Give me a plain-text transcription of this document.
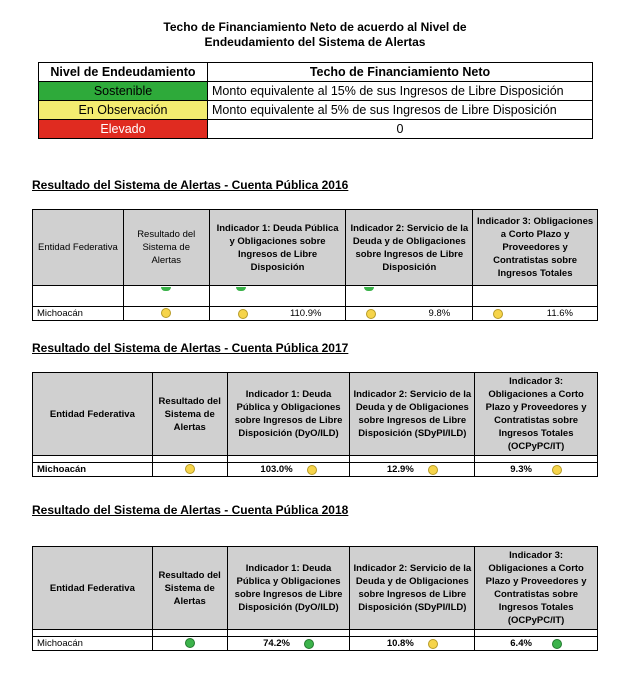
Techo de Financiamiento Neto de acuerdo al Nivel de
Endeudamiento del Sistema de Alertas
Nivel de Endeudamiento	Techo de Financiamiento Neto
Sostenible	Monto equivalente al 15% de sus Ingresos de Libre Disposición
En Observación	Monto equivalente al 5% de sus Ingresos de Libre Disposición
Elevado	0
Resultado del Sistema de Alertas - Cuenta Pública 2016
Entidad Federativa	Resultado del Sistema de Alertas	Indicador 1: Deuda Pública y Obligaciones sobre Ingresos de Libre Disposición	Indicador 2: Servicio de la Deuda y de Obligaciones sobre Ingresos de Libre Disposición	Indicador 3: Obligaciones a Corto Plazo y Proveedores y Contratistas sobre Ingresos Totales

Michoacán		110.9%	9.8%	11.6%
Resultado del Sistema de Alertas - Cuenta Pública 2017
Entidad Federativa	Resultado del Sistema de Alertas	Indicador 1: Deuda Pública y Obligaciones sobre Ingresos de Libre Disposición (DyO/ILD)	Indicador 2: Servicio de la Deuda y de Obligaciones sobre Ingresos de Libre Disposición (SDyPI/ILD)	Indicador 3: Obligaciones a Corto Plazo y Proveedores y Contratistas sobre Ingresos Totales (OCPyPC/IT)

Michoacán		103.0%	12.9%	9.3%
Resultado del Sistema de Alertas - Cuenta Pública 2018
Entidad Federativa	Resultado del Sistema de Alertas	Indicador 1: Deuda Pública y Obligaciones sobre Ingresos de Libre Disposición (DyO/ILD)	Indicador 2: Servicio de la Deuda y de Obligaciones sobre Ingresos de Libre Disposición (SDyPI/ILD)	Indicador 3: Obligaciones a Corto Plazo y Proveedores y Contratistas sobre Ingresos Totales (OCPyPC/IT)

Michoacán		74.2%	10.8%	6.4%
